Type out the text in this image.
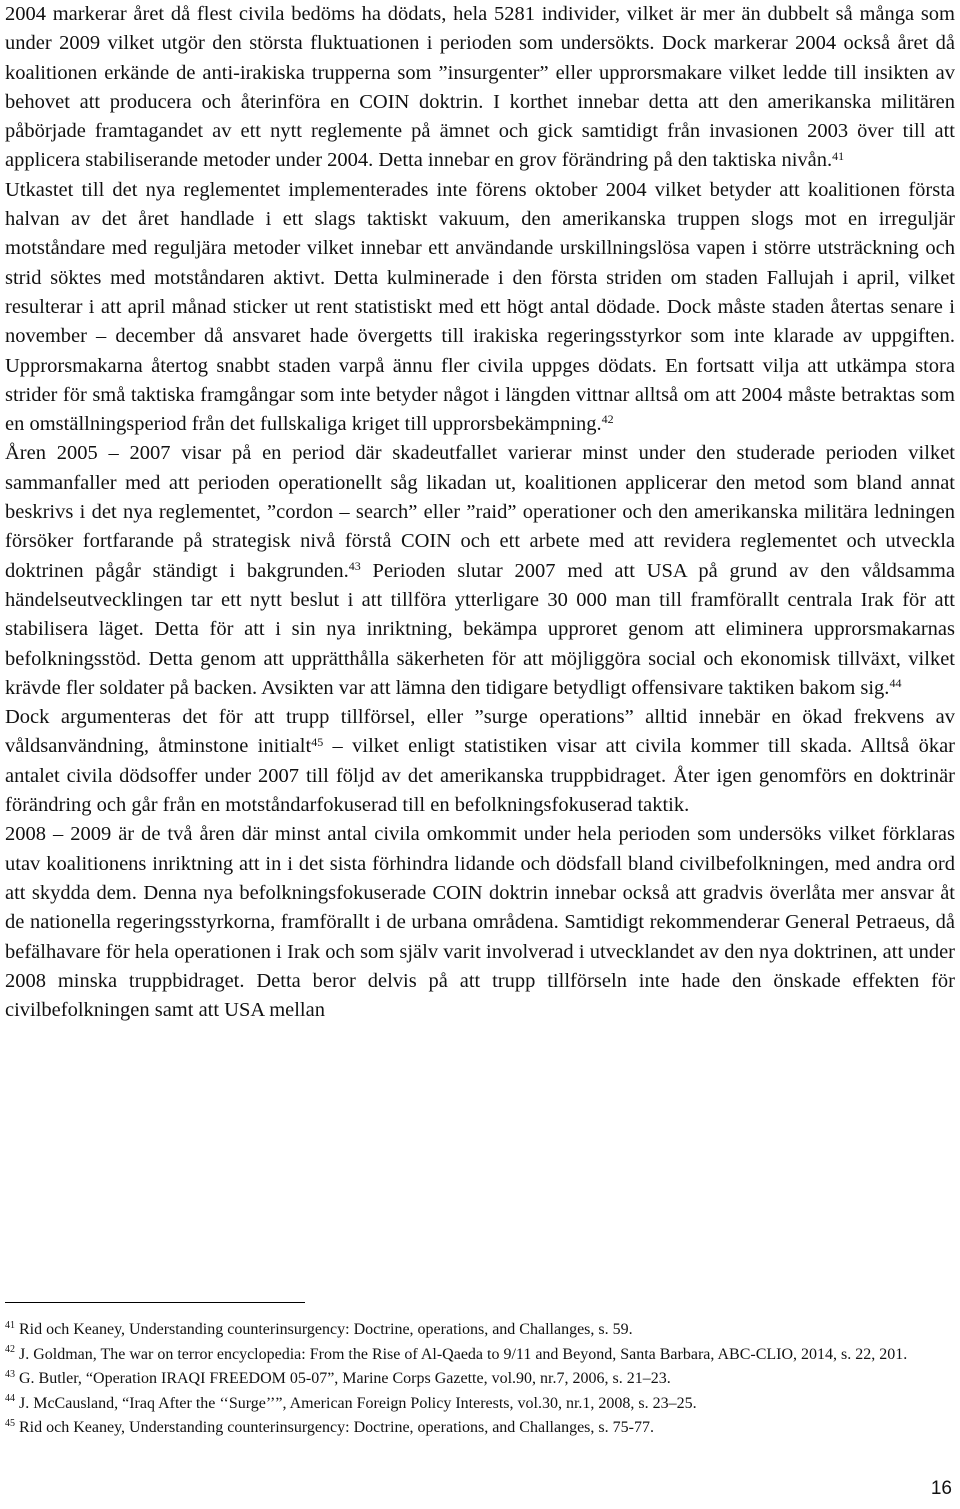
2004 markerar året då flest civila bedöms ha dödats, hela 5281 individer, vilket är mer än dubbelt så många som under 2009 vilket utgör den största fluktuationen i perioden som undersökts. Dock markerar 2004 också året då koalitionen erkände de anti-irakiska trupperna som ”insurgenter” eller upprorsmakare vilket ledde till insikten av behovet att producera och återinföra en COIN doktrin. I korthet innebar detta att den amerikanska militären påbörjade framtagandet av ett nytt reglemente på ämnet och gick samtidigt från invasionen 2003 över till att applicera stabiliserande metoder under 2004. Detta innebar en grov förändring på den taktiska nivån.$^{41}$

Utkastet till det nya reglementet implementerades inte förens oktober 2004 vilket betyder att koalitionen första halvan av det året handlade i ett slags taktiskt vakuum, den amerikanska truppen slogs mot en irreguljär motståndare med reguljära metoder vilket innebar ett användande urskillningslösa vapen i större utsträckning och strid söktes med motståndaren aktivt. Detta kulminerade i den första striden om staden Fallujah i april, vilket resulterar i att april månad sticker ut rent statistiskt med ett högt antal dödade. Dock måste staden återtas senare i november – december då ansvaret hade övergetts till irakiska regeringsstyrkor som inte klarade av uppgiften. Upprorsmakarna återtog snabbt staden varpå ännu fler civila uppges dödats. En fortsatt vilja att utkämpa stora strider för små taktiska framgångar som inte betyder något i längden vittnar alltså om att 2004 måste betraktas som en omställningsperiod från det fullskaliga kriget till upprorsbekämpning.$^{42}$

Åren 2005 – 2007 visar på en period där skadeutfallet varierar minst under den studerade perioden vilket sammanfaller med att perioden operationellt såg likadan ut, koalitionen applicerar den metod som bland annat beskrivs i det nya reglementet, ”cordon – search” eller ”raid” operationer och den amerikanska militära ledningen försöker fortfarande på strategisk nivå förstå COIN och ett arbete med att revidera reglementet och utveckla doktrinen pågår ständigt i bakgrunden.$^{43}$ Perioden slutar 2007 med att USA på grund av den våldsamma händelseutvecklingen tar ett nytt beslut i att tillföra ytterligare 30 000 man till framförallt centrala Irak för att stabilisera läget. Detta för att i sin nya inriktning, bekämpa upproret genom att eliminera upprorsmakarnas befolkningsstöd. Detta genom att upprätthålla säkerheten för att möjliggöra social och ekonomisk tillväxt, vilket krävde fler soldater på backen. Avsikten var att lämna den tidigare betydligt offensivare taktiken bakom sig.$^{44}$

Dock argumenteras det för att trupp tillförsel, eller ”surge operations” alltid innebär en ökad frekvens av våldsanvändning, åtminstone initialt$^{45}$ – vilket enligt statistiken visar att civila kommer till skada. Alltså ökar antalet civila dödsoffer under 2007 till följd av det amerikanska truppbidraget. Åter igen genomförs en doktrinär förändring och går från en motståndarfokuserad till en befolkningsfokuserad taktik.

2008 – 2009 är de två åren där minst antal civila omkommit under hela perioden som undersöks vilket förklaras utav koalitionens inriktning att in i det sista förhindra lidande och dödsfall bland civilbefolkningen, med andra ord att skydda dem. Denna nya befolkningsfokuserade COIN doktrin innebar också att gradvis överlåta mer ansvar åt de nationella regeringsstyrkorna, framförallt i de urbana områdena. Samtidigt rekommenderar General Petraeus, då befälhavare för hela operationen i Irak och som själv varit involverad i utvecklandet av den nya doktrinen, att under 2008 minska truppbidraget. Detta beror delvis på att trupp tillförseln inte hade den önskade effekten för civilbefolkningen samt att USA mellan

$^{41}$ Rid och Keaney, Understanding counterinsurgency: Doctrine, operations, and Challanges, s. 59.

$^{42}$ J. Goldman, The war on terror encyclopedia: From the Rise of Al-Qaeda to 9/11 and Beyond, Santa Barbara, ABC-CLIO, 2014, s. 22, 201.

$^{43}$ G. Butler, “Operation IRAQI FREEDOM 05-07”, Marine Corps Gazette, vol.90, nr.7, 2006, s. 21–23.

$^{44}$ J. McCausland, “Iraq After the ‘‘Surge’’”, American Foreign Policy Interests, vol.30, nr.1, 2008, s. 23–25.

$^{45}$ Rid och Keaney, Understanding counterinsurgency: Doctrine, operations, and Challanges, s. 75-77.

16
